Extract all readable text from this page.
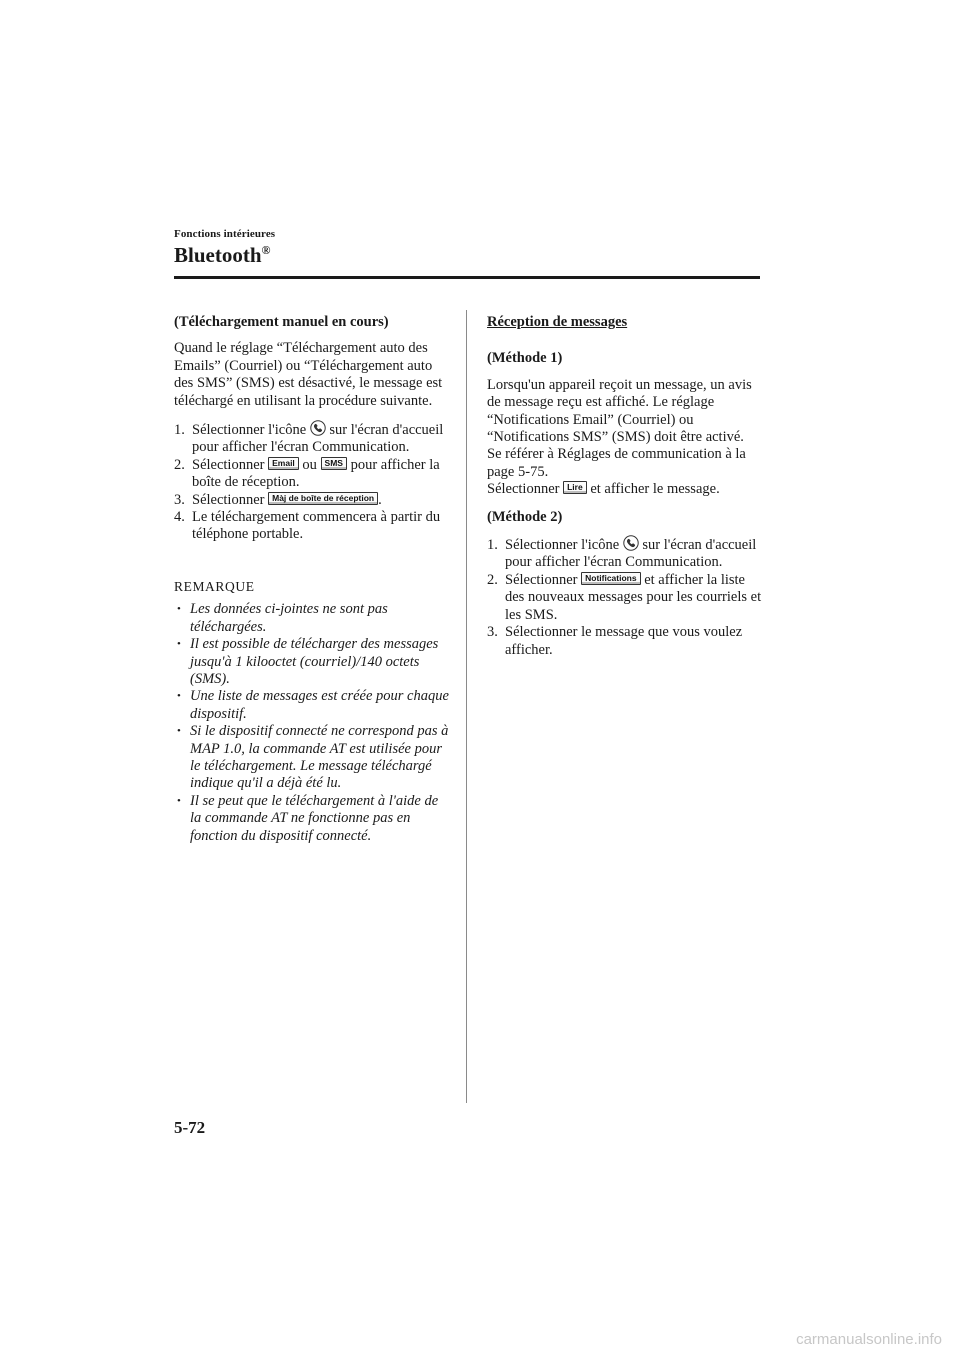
Fonctions intérieures
Bluetooth®
(Téléchargement manuel en cours)

Quand le réglage “Téléchargement auto des Emails” (Courriel) ou “Téléchargement auto des SMS” (SMS) est désactivé, le message est téléchargé en utilisant la procédure suivante.

1. Sélectionner l'icône
sur l'écran d'accueil pour afficher l'écran Communication.
2. Sélectionner Email ou SMS pour afficher la boîte de réception.
3. Sélectionner Màj de boîte de réception .
4. Le téléchargement commencera à partir du téléphone portable.
REMARQUE
• Les données ci-jointes ne sont pas téléchargées.
• Il est possible de télécharger des messages jusqu'à 1 kilooctet (courriel)/140 octets (SMS).
• Une liste de messages est créée pour chaque dispositif.
• Si le dispositif connecté ne correspond pas à MAP 1.0, la commande AT est utilisée pour le téléchargement. Le message téléchargé indique qu'il a déjà été lu.
• Il se peut que le téléchargement à l'aide de la commande AT ne fonctionne pas en fonction du dispositif connecté.
Réception de messages
(Méthode 1)
Lorsqu'un appareil reçoit un message, un avis de message reçu est affiché. Le réglage “Notifications Email” (Courriel) ou “Notifications SMS” (SMS) doit être activé.
Se référer à Réglages de communication à la page 5-75.

Sélectionner Lire et afficher le message.

(Méthode 2)
1. Sélectionner l'icône
sur l'écran d'accueil pour afficher l'écran Communication.
2. Sélectionner Notifications et afficher la liste des nouveaux messages pour les courriels et les SMS.
3. Sélectionner le message que vous voulez afficher.
5-72
carmanualsonline.info
